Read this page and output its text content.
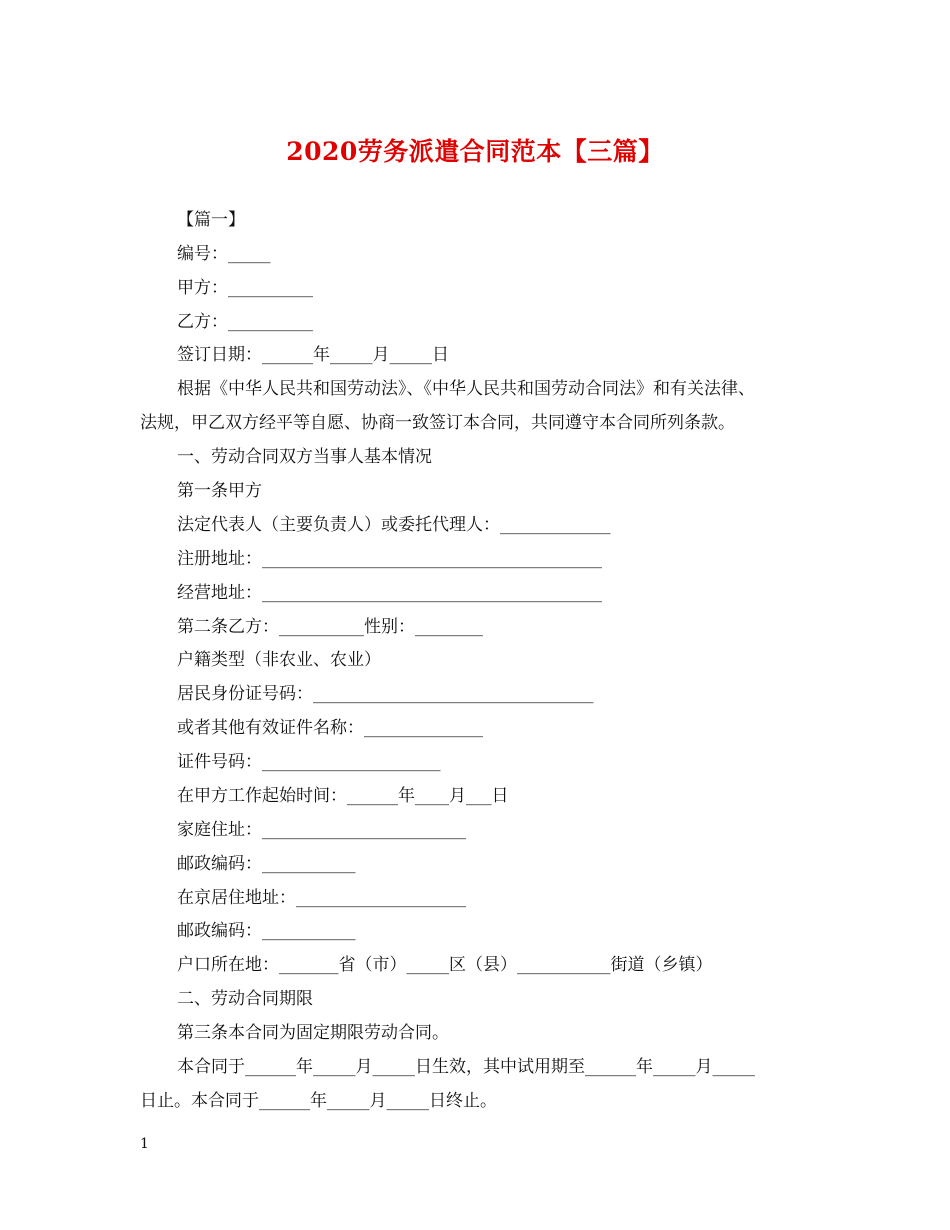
2020劳务派遣合同范本【三篇】
【篇一】
编号：_____
甲方：__________
乙方：__________
签订日期：______年_____月_____日
根据《中华人民共和国劳动法》、《中华人民共和国劳动合同法》和有关法律、
法规，甲乙双方经平等自愿、协商一致签订本合同，共同遵守本合同所列条款。
一、劳动合同双方当事人基本情况
第一条甲方
法定代表人（主要负责人）或委托代理人：_____________
注册地址：________________________________________
经营地址：________________________________________
第二条乙方：__________性别：________
户籍类型（非农业、农业）
居民身份证号码：_________________________________
或者其他有效证件名称：______________
证件号码：_____________________
在甲方工作起始时间：______年____月___日
家庭住址：________________________
邮政编码：___________
在京居住地址：____________________
邮政编码：___________
户口所在地：_______省（市）_____区（县）___________街道（乡镇）
二、劳动合同期限
第三条本合同为固定期限劳动合同。
本合同于______年_____月_____日生效，其中试用期至______年_____月_____
日止。本合同于______年_____月_____日终止。
1
